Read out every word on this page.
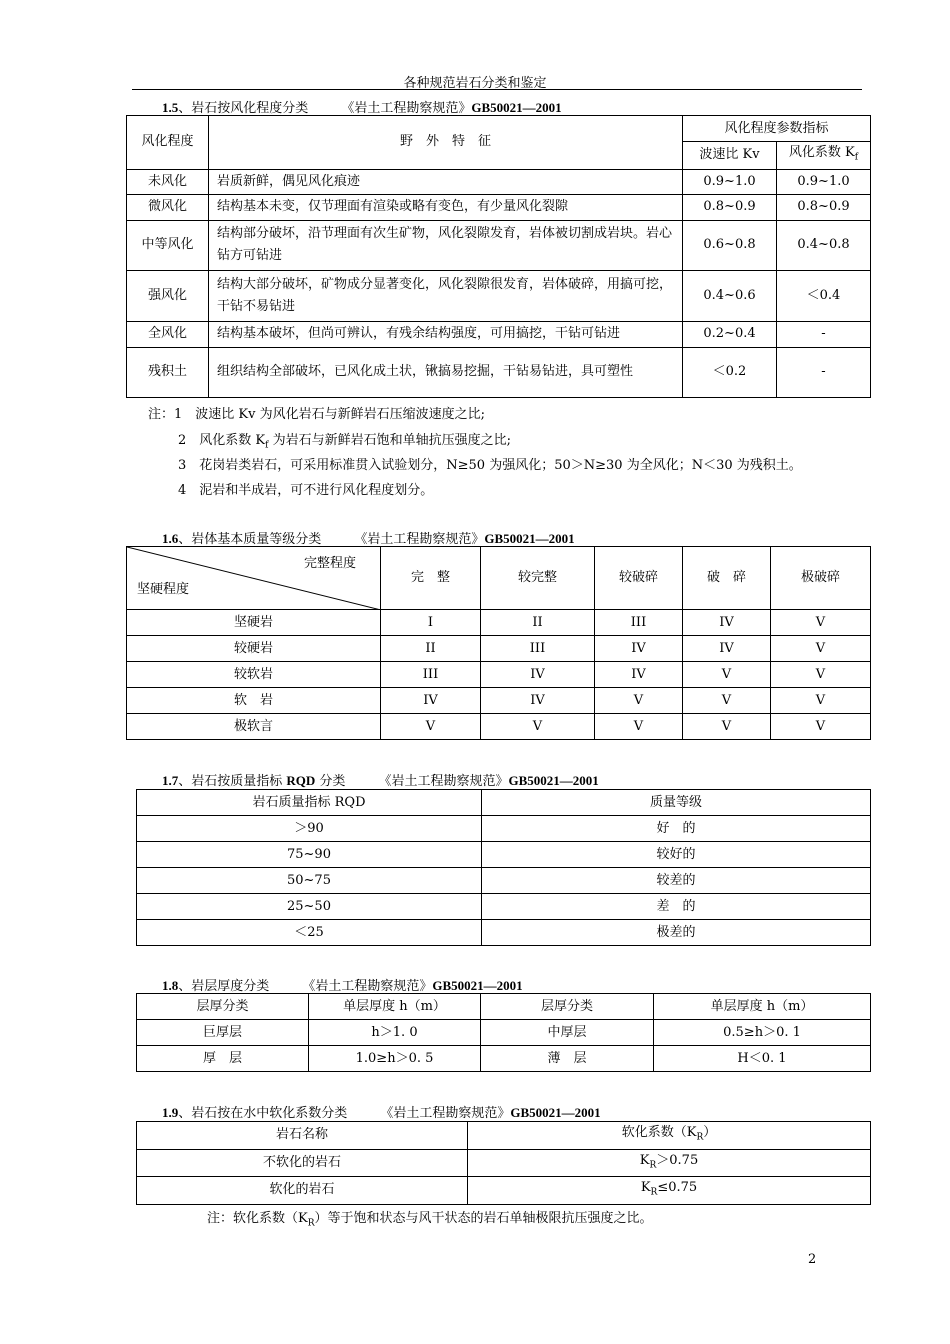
各种规范岩石分类和鉴定
1.5、岩石按风化程度分类	《岩土工程勘察规范》GB50021—2001
风化程度	野　外　特　征	风化程度参数指标	
		波速比 Kv	风化系数 $K_f$
未风化	岩质新鲜，偶见风化痕迹	0.9~1.0	0.9~1.0
微风化	结构基本未变，仅节理面有渲染或略有变色，有少量风化裂隙	0.8~0.9	0.8~0.9
中等风化	结构部分破坏，沿节理面有次生矿物，风化裂隙发育，岩体被切割成岩块。岩心钻方可钻进	0.6~0.8	0.4~0.8
强风化	结构大部分破坏，矿物成分显著变化，风化裂隙很发育，岩体破碎，用搞可挖，干钻不易钻进	0.4~0.6	＜0.4
全风化	结构基本破坏，但尚可辨认，有残余结构强度，可用搞挖，干钻可钻进	0.2~0.4	-
残积土	组织结构全部破坏，已风化成土状，锹搞易挖掘，干钻易钻进，具可塑性	＜0.2	-
注：1　波速比 Kv 为风化岩石与新鲜岩石压缩波速度之比;
2　风化系数 $K_f$ 为岩石与新鲜岩石饱和单轴抗压强度之比;
3　花岗岩类岩石，可采用标准贯入试验划分，N≥50 为强风化；50＞N≥30 为全风化；N＜30 为残积土。
4　泥岩和半成岩，可不进行风化程度划分。
1.6、岩体基本质量等级分类	《岩土工程勘察规范》GB50021—2001
完整程度
坚硬程度	完　整	较完整	较破碎	破　碎	极破碎
坚硬岩	I	II	III	IV	V
较硬岩	II	III	IV	IV	V
较软岩	III	IV	IV	V	V
软　岩	IV	IV	V	V	V
极软言	V	V	V	V	V
1.7、岩石按质量指标 RQD 分类	《岩土工程勘察规范》GB50021—2001
岩石质量指标 RQD	质量等级
＞90	好　的
75~90	较好的
50~75	较差的
25~50	差　的
＜25	极差的
1.8、岩层厚度分类	《岩土工程勘察规范》GB50021—2001
层厚分类	单层厚度 h（m）	层厚分类	单层厚度 h（m）
巨厚层	h＞1. 0	中厚层	0.5≥h＞0. 1
厚　层	1.0≥h＞0. 5	薄　层	H＜0. 1
1.9、岩石按在水中软化系数分类	《岩土工程勘察规范》GB50021—2001
岩石名称	软化系数$(K_R)$
不软化的岩石	$K_R>0.75$
软化的岩石	$K_R\le 0.75$
注：软化系数$(K_R)$等于饱和状态与风干状态的岩石单轴极限抗压强度之比。
2
